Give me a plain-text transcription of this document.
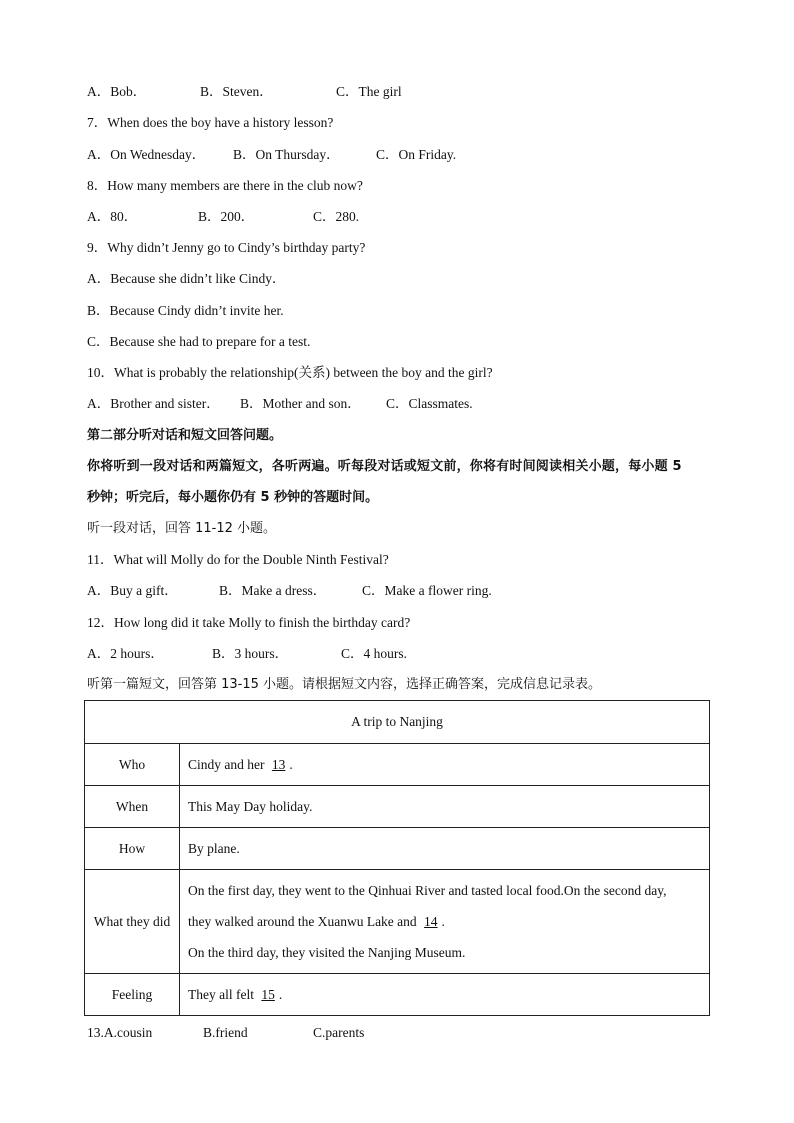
A．Bob．	B．Steven．	C．The girl
7．When does the boy have a history lesson?
A．On Wednesday． B．On Thursday．	C．On Friday.
8．How many members are there in the club now?
A．80．	B．200．	C．280.
9．Why didn’t Jenny go to Cindy’s birthday party?
A．Because she didn’t like Cindy．
B．Because Cindy didn’t invite her.
C．Because she had to prepare for a test.
10．What is probably the relationship(关系) between the boy and the girl?
A．Brother and sister． B．Mother and son． C．Classmates.
第二部分听对话和短文回答问题。
你将听到一段对话和两篇短文，各听两遍。听每段对话或短文前，你将有时间阅读相关小题，每小题 5
秒钟；听完后，每小题你仍有 5 秒钟的答题时间。
听一段对话，回答 11-12 小题。
11．What will Molly do for the Double Ninth Festival?
A．Buy a gift．	B．Make a dress．	C．Make a flower ring.
12．How long did it take Molly to finish the birthday card?
A．2 hours．	B．3 hours．	C．4 hours.
听第一篇短文，回答第 13-15 小题。请根据短文内容，选择正确答案，完成信息记录表。
A trip to Nanjing	
Who	Cindy and her 13 .
When	This May Day holiday.
How	By plane.
What they did	On the first day, they went to the Qinhuai River and tasted local food.On the second day,

they walked around the Xuanwu Lake and 14 .

On the third day, they visited the Nanjing Museum.

Feeling	They all felt 15 .
13.A.cousin	B.friend	C.parents
